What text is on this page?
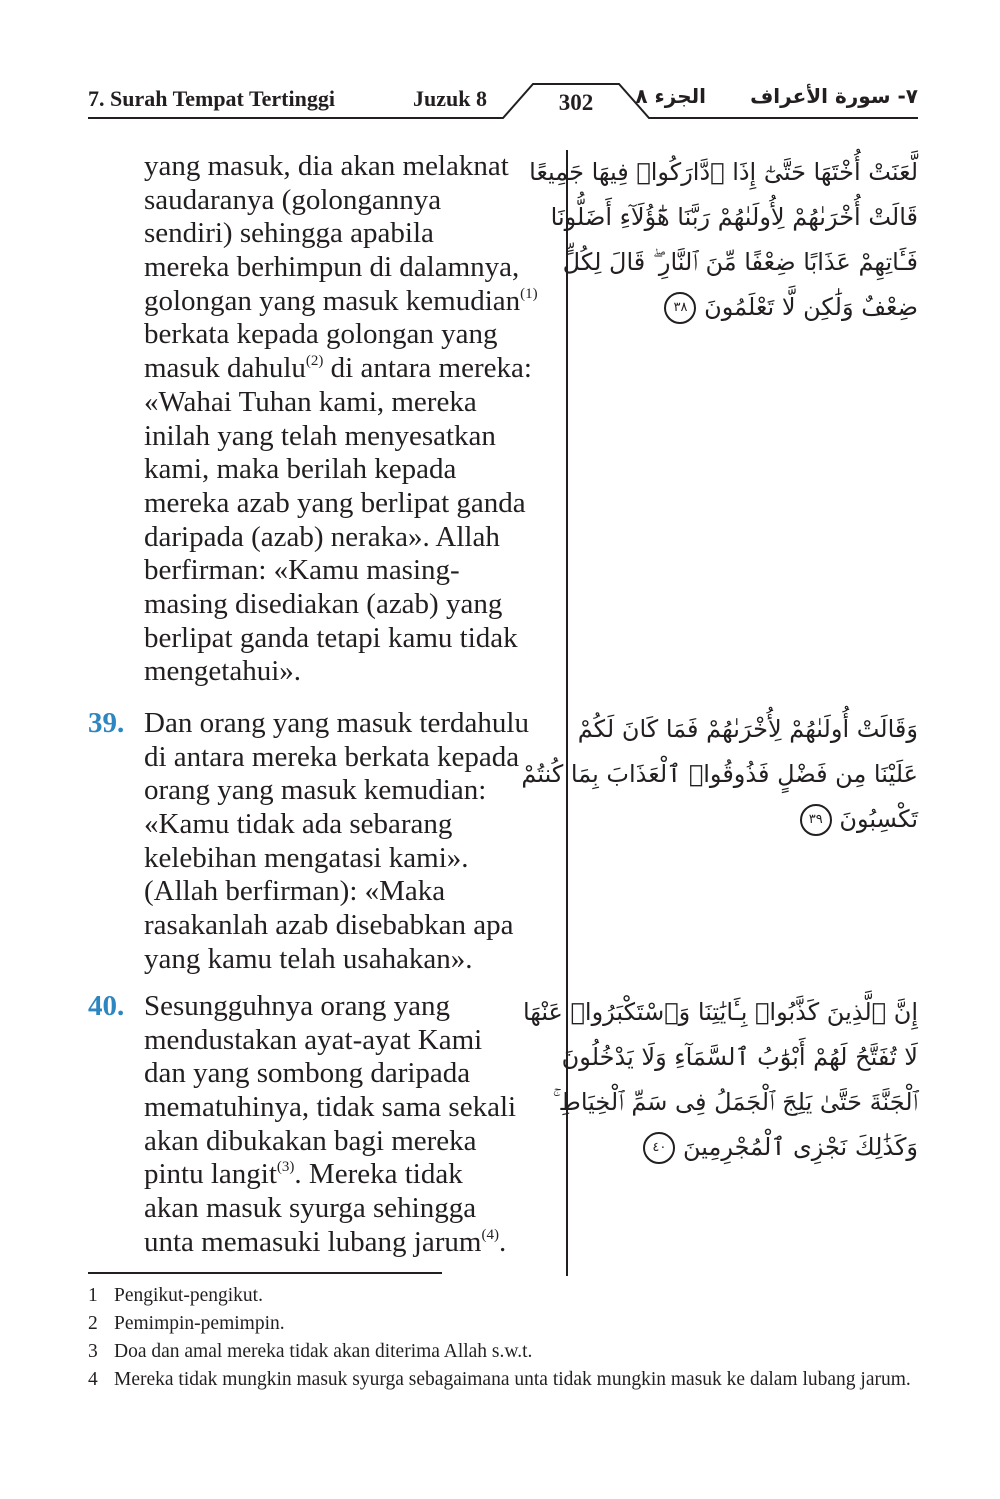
7. Surah Tempat Tertinggi	Juzuk 8	302	الجزء ٨	٧- سورة الأعراف
yang masuk, dia akan melaknat
saudaranya (golongannya
sendiri) sehingga apabila
mereka berhimpun di dalamnya,
golongan yang masuk kemudian$^{(1)}$
berkata kepada golongan yang
masuk dahulu$^{(2)}$ di antara mereka:
«Wahai Tuhan kami, mereka
inilah yang telah menyesatkan
kami, maka berilah kepada
mereka azab yang berlipat ganda
daripada (azab) neraka». Allah
berfirman: «Kamu masing-
masing disediakan (azab) yang
berlipat ganda tetapi kamu tidak
mengetahui».
39. Dan orang yang masuk terdahulu
di antara mereka berkata kepada
orang yang masuk kemudian:
«Kamu tidak ada sebarang
kelebihan mengatasi kami».
(Allah berfirman): «Maka
rasakanlah azab disebabkan apa
yang kamu telah usahakan».
40. Sesungguhnya orang yang
mendustakan ayat-ayat Kami
dan yang sombong daripada
mematuhinya, tidak sama sekali
akan dibukakan bagi mereka
pintu langit$^{(3)}$. Mereka tidak
akan masuk syurga sehingga
unta memasuki lubang jarum$^{(4)}$.
لَّعَنَتْ أُخْتَهَا حَتَّىٰٓ إِذَا ٱدَّارَكُوا۟ فِيهَا جَمِيعًا
قَالَتْ أُخْرَىٰهُمْ لِأُولَىٰهُمْ رَبَّنَا هَٰٓؤُلَآءِ أَضَلُّونَا
فَـَٔاتِهِمْ عَذَابًا ضِعْفًا مِّنَ ٱلنَّارِ ۖ قَالَ لِكُلٍّ
ضِعْفٌ وَلَٰكِن لَّا تَعْلَمُونَ ٣٨
وَقَالَتْ أُولَىٰهُمْ لِأُخْرَىٰهُمْ فَمَا كَانَ لَكُمْ
عَلَيْنَا مِن فَضْلٍ فَذُوقُوا۟ ٱلْعَذَابَ بِمَا كُنتُمْ
تَكْسِبُونَ ٣٩
إِنَّ ٱلَّذِينَ كَذَّبُوا۟ بِـَٔايَٰتِنَا وَٱسْتَكْبَرُوا۟ عَنْهَا
لَا تُفَتَّحُ لَهُمْ أَبْوَٰبُ ٱلسَّمَآءِ وَلَا يَدْخُلُونَ
ٱلْجَنَّةَ حَتَّىٰ يَلِجَ ٱلْجَمَلُ فِى سَمِّ ٱلْخِيَاطِ ۚ
وَكَذَٰلِكَ نَجْزِى ٱلْمُجْرِمِينَ ٤٠
1 Pengikut-pengikut.
2 Pemimpin-pemimpin.
3 Doa dan amal mereka tidak akan diterima Allah s.w.t.
4 Mereka tidak mungkin masuk syurga sebagaimana unta tidak mungkin masuk ke dalam lubang jarum.
